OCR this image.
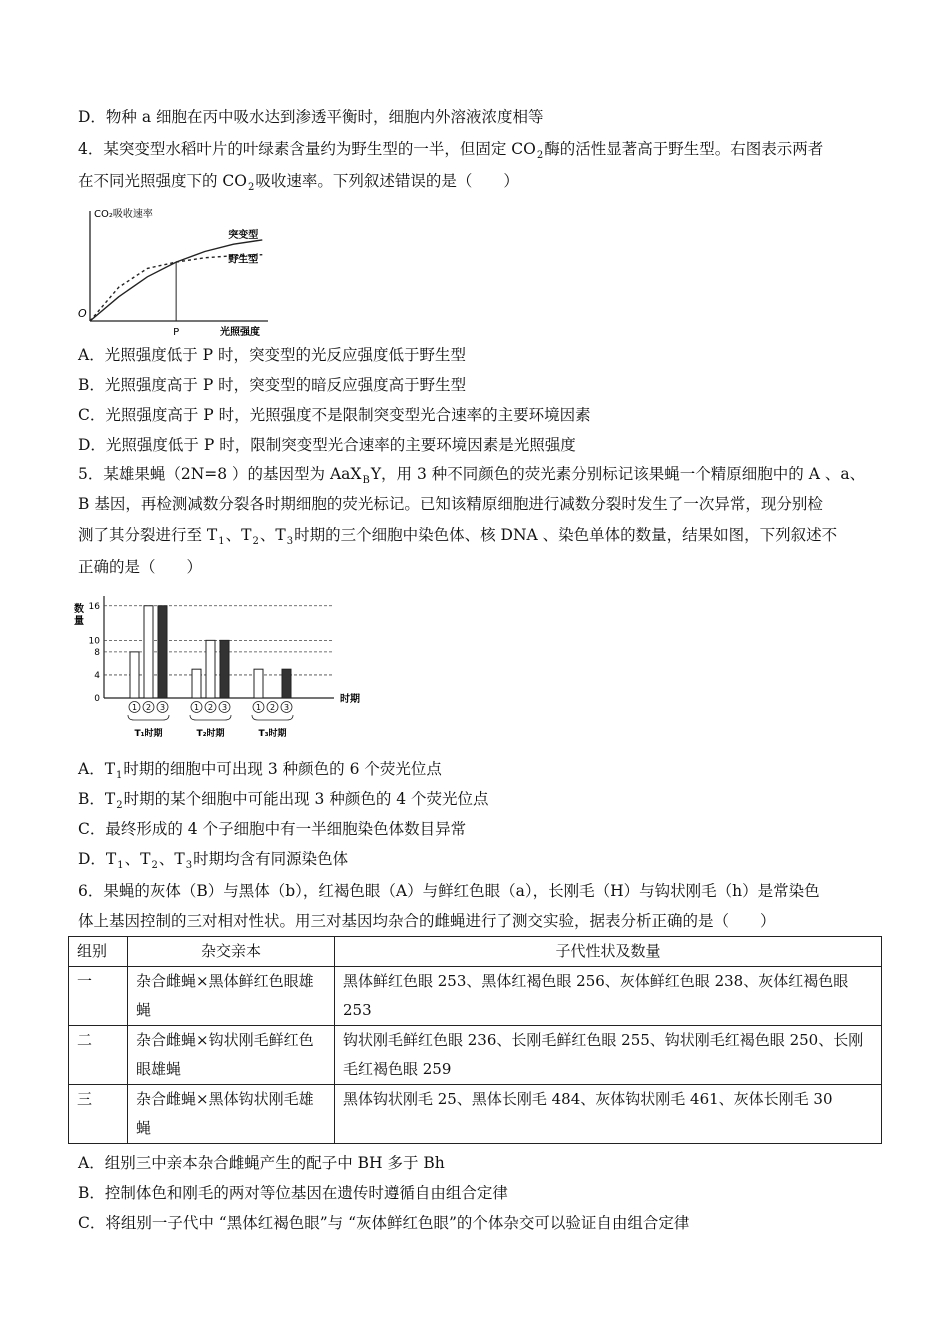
D．物种 a 细胞在丙中吸水达到渗透平衡时，细胞内外溶液浓度相等
4．某突变型水稻叶片的叶绿素含量约为野生型的一半，但固定 $CO_2$酶的活性显著高于野生型。右图表示两者
在不同光照强度下的 $CO_2$吸收速率。下列叙述错误的是（　　）
CO₂吸收速率
光照强度
O
P
突变型
野生型
A．光照强度低于 P 时，突变型的光反应强度低于野生型
B．光照强度高于 P 时，突变型的暗反应强度高于野生型
C．光照强度高于 P 时，光照强度不是限制突变型光合速率的主要环境因素
D．光照强度低于 P 时，限制突变型光合速率的主要环境因素是光照强度
5．某雄果蝇（2N=8 ）的基因型为 AaX$_B$Y，用 3 种不同颜色的荧光素分别标记该果蝇一个精原细胞中的 A 、a、
B 基因，再检测减数分裂各时期细胞的荧光标记。已知该精原细胞进行减数分裂时发生了一次异常，现分别检
测了其分裂进行至 $T_1$、$T_2$、$T_3$时期的三个细胞中染色体、核 DNA 、染色单体的数量，结果如图，下列叙述不
正确的是（　　）
数
量
时期
0
4
8
10
16
1 2 3
T₁时期
1 2 3
T₂时期
1 2 3
T₃时期
A．$T_1$时期的细胞中可出现 3 种颜色的 6 个荧光位点
B．$T_2$时期的某个细胞中可能出现 3 种颜色的 4 个荧光位点
C．最终形成的 4 个子细胞中有一半细胞染色体数目异常
D．$T_1$、$T_2$、$T_3$时期均含有同源染色体
6．果蝇的灰体（B）与黑体（b），红褐色眼（A）与鲜红色眼（a），长刚毛（H）与钩状刚毛（h）是常染色
体上基因控制的三对相对性状。用三对基因均杂合的雌蝇进行了测交实验，据表分析正确的是（　　）
组别	杂交亲本	子代性状及数量
一	杂合雌蝇×黑体鲜红色眼雄蝇	黑体鲜红色眼 253、黑体红褐色眼 256、灰体鲜红色眼 238、灰体红褐色眼 253
二	杂合雌蝇×钩状刚毛鲜红色眼雄蝇	钩状刚毛鲜红色眼 236、长刚毛鲜红色眼 255、钩状刚毛红褐色眼 250、长刚毛红褐色眼 259
三	杂合雌蝇×黑体钩状刚毛雄蝇	黑体钩状刚毛 25、黑体长刚毛 484、灰体钩状刚毛 461、灰体长刚毛 30
A．组别三中亲本杂合雌蝇产生的配子中 BH 多于 Bh
B．控制体色和刚毛的两对等位基因在遗传时遵循自由组合定律
C．将组别一子代中 “黑体红褐色眼”与 “灰体鲜红色眼”的个体杂交可以验证自由组合定律
